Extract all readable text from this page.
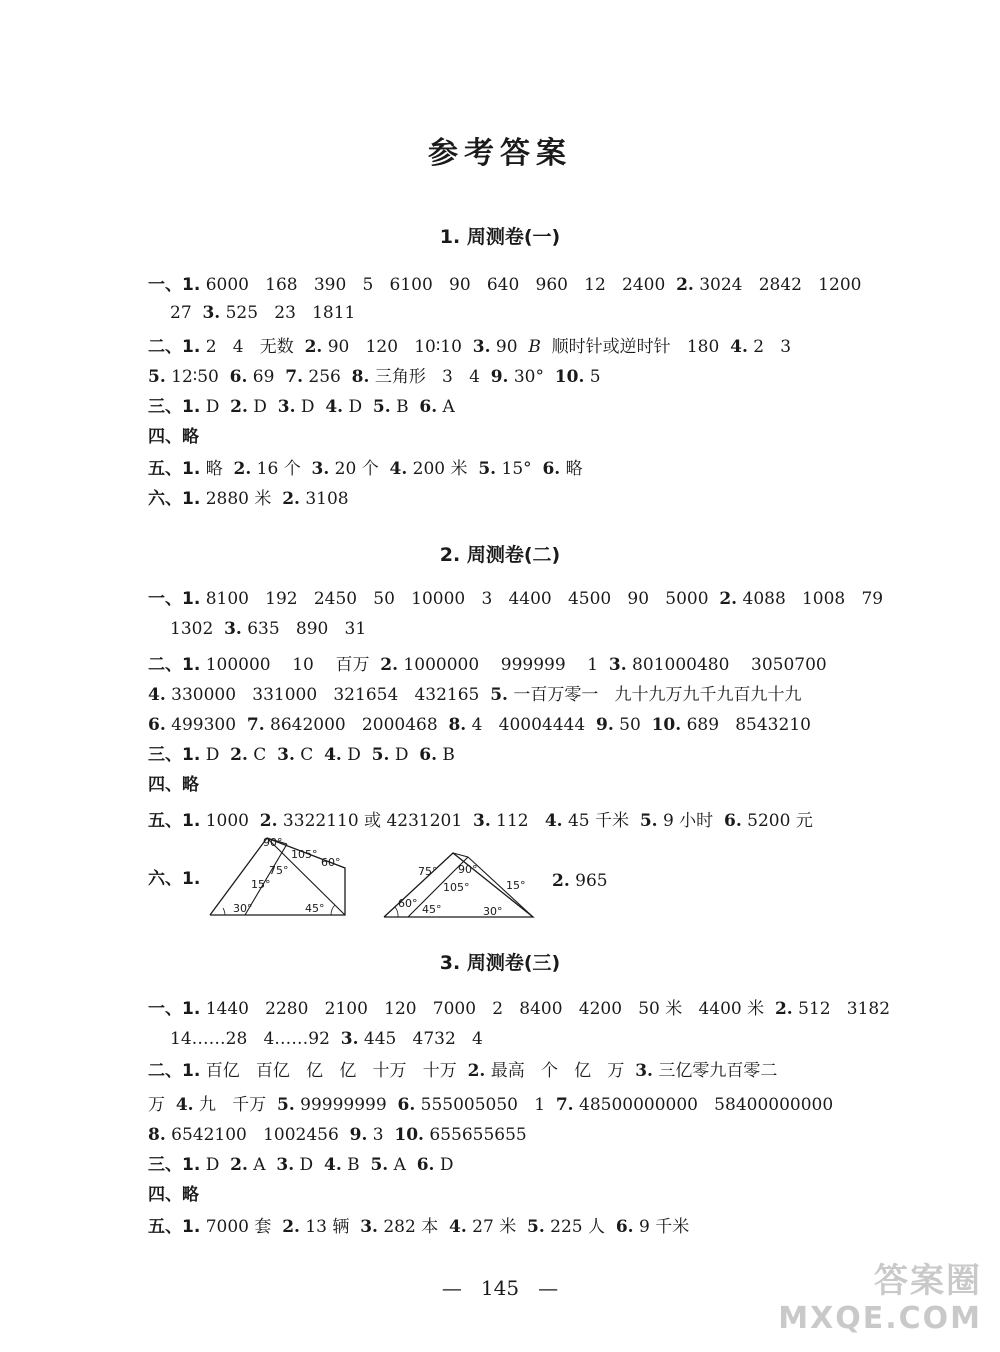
参考答案
1. 周测卷(一)
一、1. 6000   168   390   5   6100   90   640   960   12   2400  2. 3024   2842   1200
27  3. 525   23   1811
二、1. 2   4   无数  2. 90   120   10∶10  3. 90  B  顺时针或逆时针   180  4. 2   3
5. 12∶50  6. 69  7. 256  8. 三角形   3   4  9. 30°  10. 5
三、1. D  2. D  3. D  4. D  5. B  6. A
四、略
五、1. 略  2. 16 个  3. 20 个  4. 200 米  5. 15°  6. 略
六、1. 2880 米  2. 3108
2. 周测卷(二)
一、1. 8100   192   2450   50   10000   3   4400   4500   90   5000  2. 4088   1008   79
1302  3. 635   890   31
二、1. 100000    10    百万  2. 1000000    999999    1  3. 801000480    3050700
4. 330000   331000   321654   432165  5. 一百万零一   九十九万九千九百九十九
6. 499300  7. 8642000   2000468  8. 4   40004444  9. 50  10. 689   8543210
三、1. D  2. C  3. C  4. D  5. D  6. B
四、略
五、1. 1000  2. 3322110 或 4231201  3. 112   4. 45 千米  5. 9 小时  6. 5200 元
六、1.
90°
105°
60°
75°
15°
30°	45°
75° 90°
105°	15°
60° 45°	30°
2. 965
3. 周测卷(三)
一、1. 1440   2280   2100   120   7000   2   8400   4200   50 米   4400 米  2. 512   3182
14……28   4……92  3. 445   4732   4
二、1. 百亿   百亿   亿   亿   十万   十万  2. 最高   个   亿   万  3. 三亿零九百零二
万  4. 九   千万  5. 99999999  6. 555005050   1  7. 48500000000   58400000000
8. 6542100   1002456  9. 3  10. 655655655
三、1. D  2. A  3. D  4. B  5. A  6. D
四、略
五、1. 7000 套  2. 13 辆  3. 282 本  4. 27 米  5. 225 人  6. 9 千米
—   145   —	答案圈
MXQE.COM
